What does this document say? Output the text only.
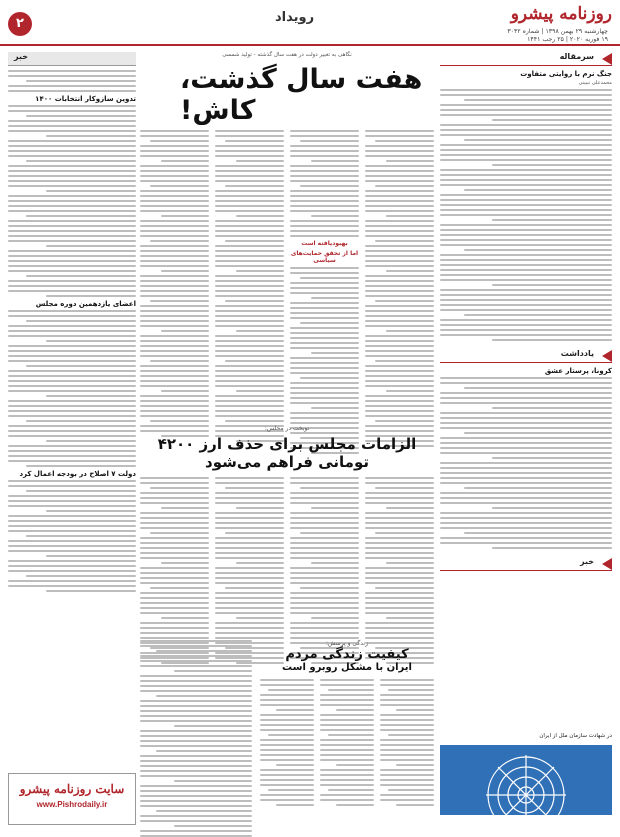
۲	رویداد	روزنامه پیشرو
چهارشنبه ۲۹ بهمن ۱۳۹۸ | شماره ۳۰۴۲
۱۹ فوریه ۲۰۲۰ | ۲۵ رجب ۱۴۴۱
سرمقاله
جنگ نرم با روایتی متفاوت
محمدعلی تبیینی
یادداشت
کرونا، پرستار عشق
خبر
در شهادت سازمان ملل از ایران
خبر
تدوین سازوکار انتخابات ۱۴۰۰
اعضای یازدهمین دوره مجلس
دولت ۷ اصلاح در بودجه اعمال کرد
سایت روزنامه پیشرو
www.Pishrodaily.ir
نگاهی به تغییر دولت در هفت سال گذشته - تولید شمسی
هفت سال گذشت، کاش!
بهبودیافته است
اما از تحقق حمایت‌های سیاسی
نوبخت در مجلس:
الزامات مجلس برای حذف ارز ۴۲۰۰ تومانی فراهم می‌شود
زندگی و پرسش:
کیفیت زندگی مردم
ایران با مشکل روبرو است
